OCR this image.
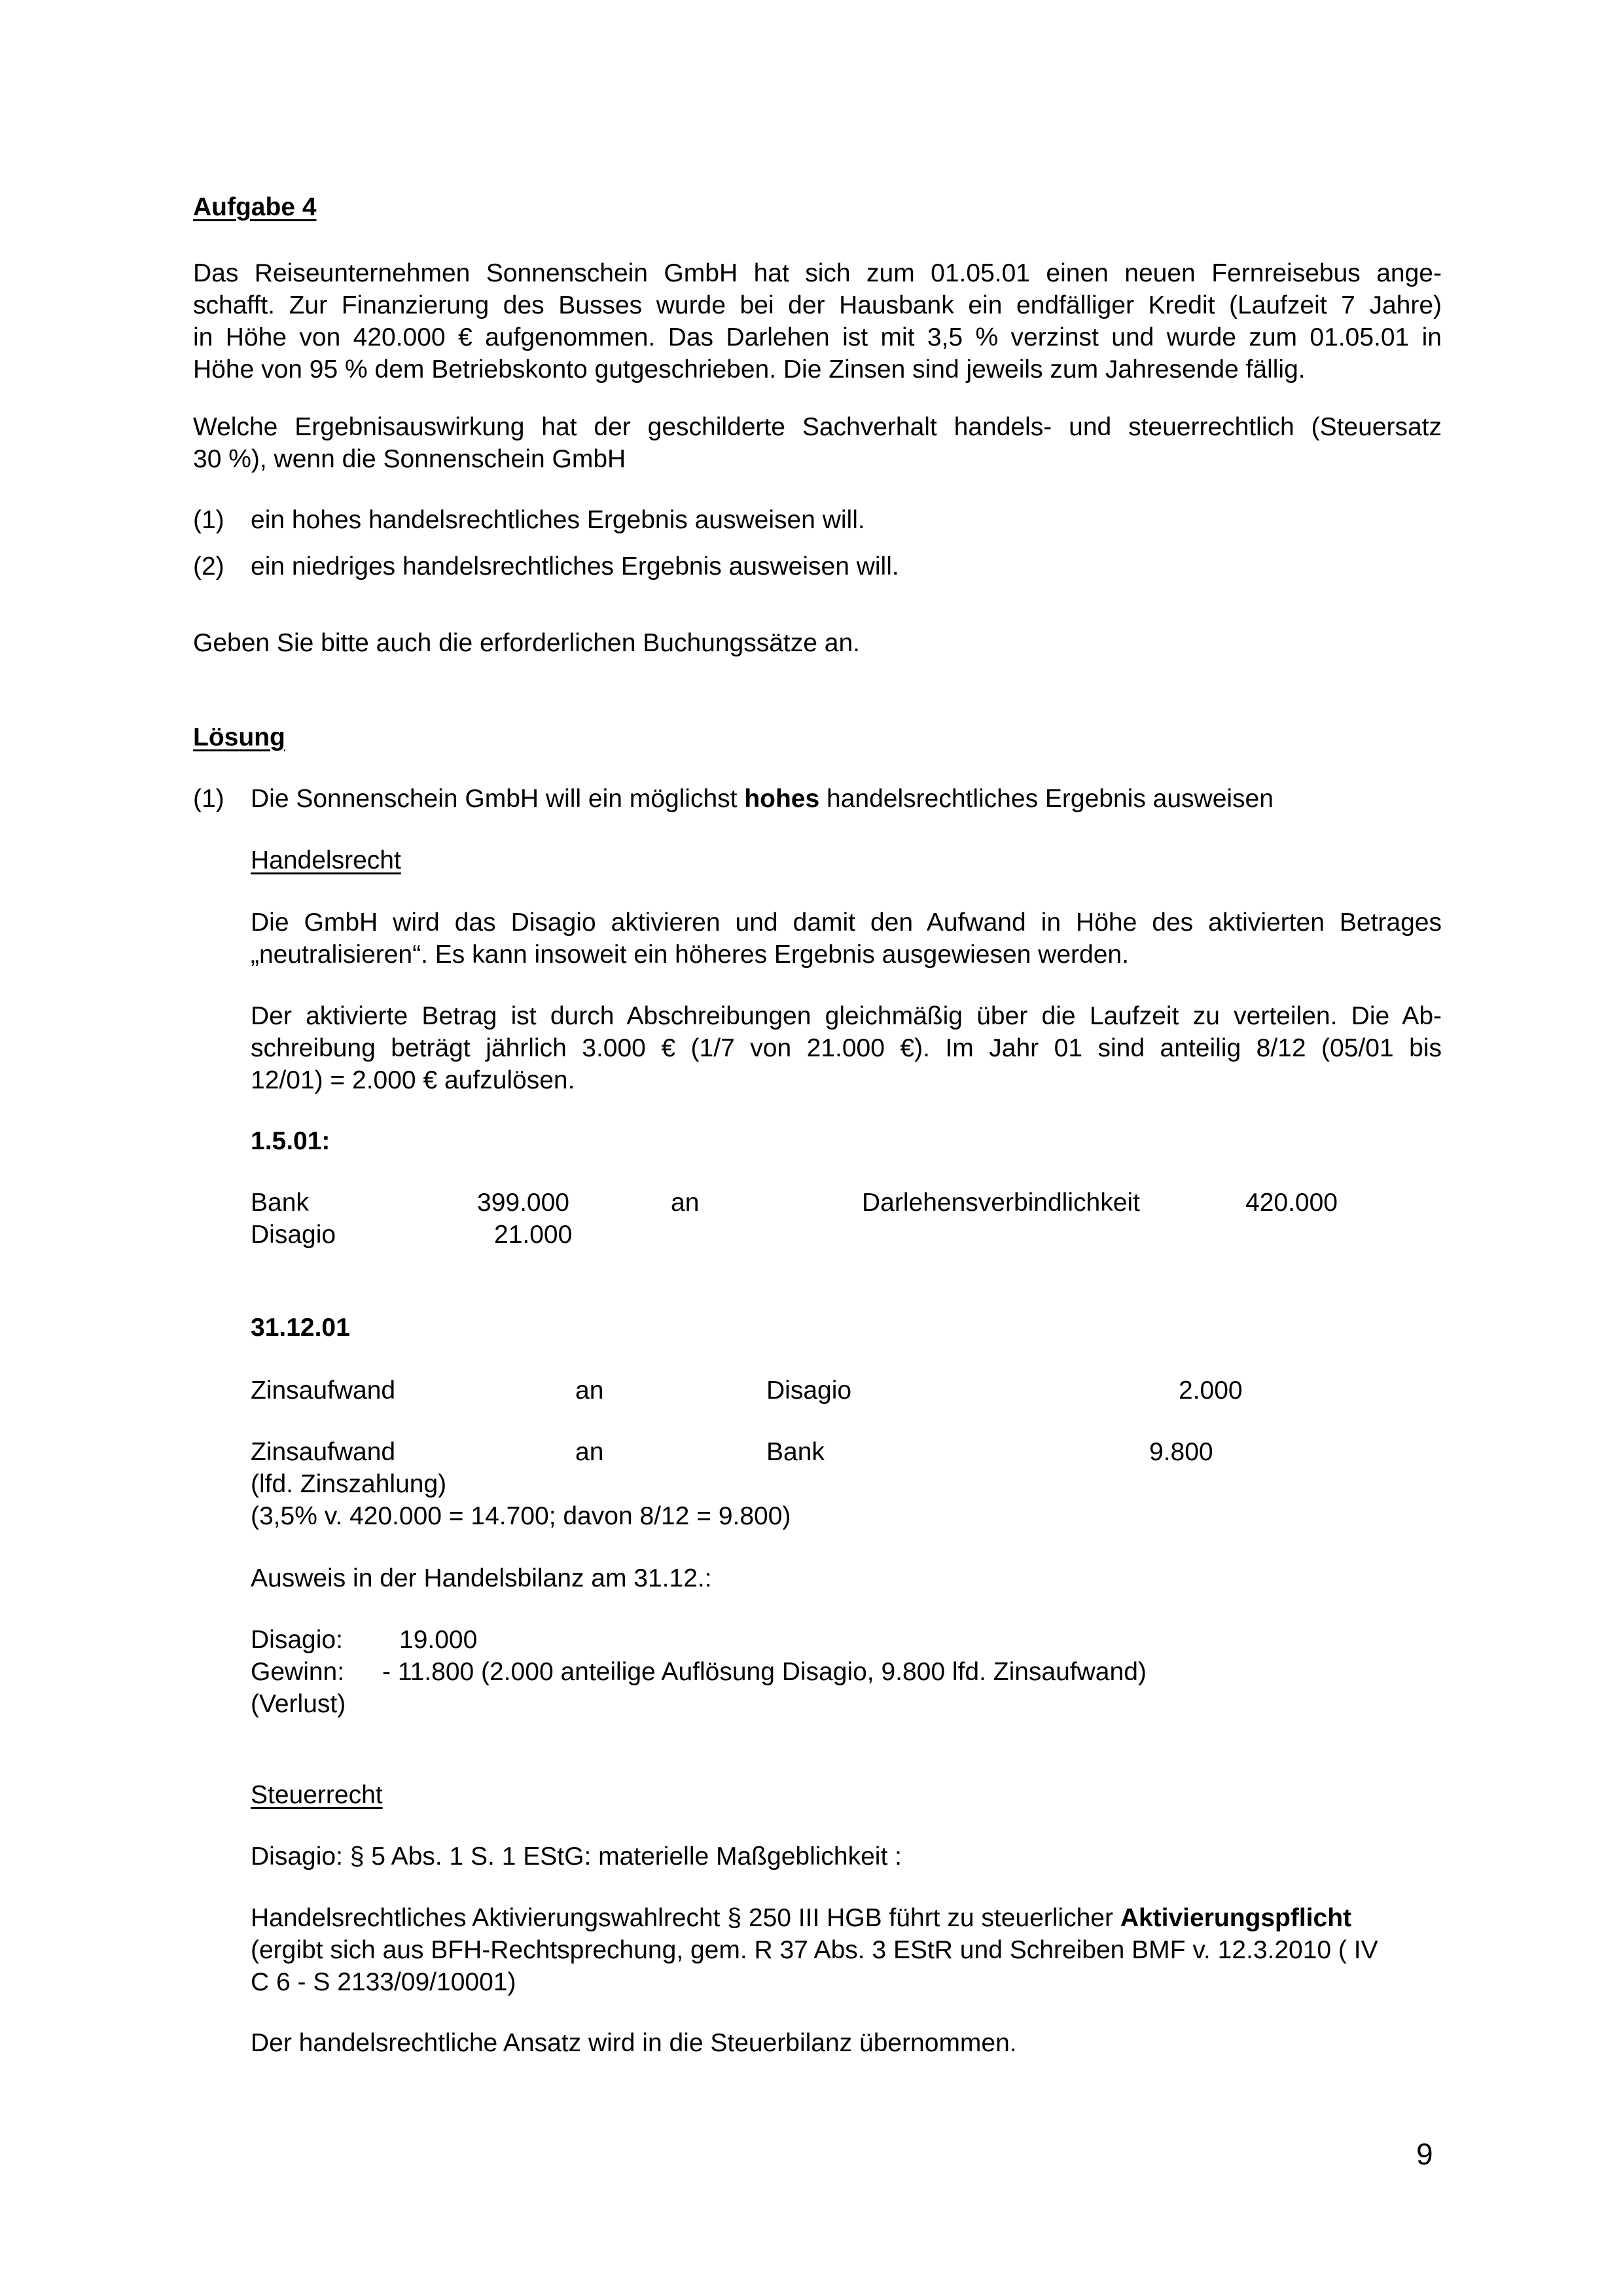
Aufgabe 4

Das Reiseunternehmen Sonnenschein GmbH hat sich zum 01.05.01 einen neuen Fernreisebus ange-
schafft. Zur Finanzierung des Busses wurde bei der Hausbank ein endfälliger Kredit (Laufzeit 7 Jahre)
in Höhe von 420.000 € aufgenommen. Das Darlehen ist mit 3,5 % verzinst und wurde zum 01.05.01 in
Höhe von 95 % dem Betriebskonto gutgeschrieben. Die Zinsen sind jeweils zum Jahresende fällig.
Welche Ergebnisauswirkung hat der geschilderte Sachverhalt handels- und steuerrechtlich (Steuersatz
30 %), wenn die Sonnenschein GmbH

(1) ein hohes handelsrechtliches Ergebnis ausweisen will.

(2) ein niedriges handelsrechtliches Ergebnis ausweisen will.

Geben Sie bitte auch die erforderlichen Buchungssätze an.

Lösung

(1) Die Sonnenschein GmbH will ein möglichst hohes handelsrechtliches Ergebnis ausweisen

Handelsrecht

Die GmbH wird das Disagio aktivieren und damit den Aufwand in Höhe des aktivierten Betrages
„neutralisieren“. Es kann insoweit ein höheres Ergebnis ausgewiesen werden.
Der aktivierte Betrag ist durch Abschreibungen gleichmäßig über die Laufzeit zu verteilen. Die Ab-
schreibung beträgt jährlich 3.000 € (1/7 von 21.000 €). Im Jahr 01 sind anteilig 8/12 (05/01 bis
12/01) = 2.000 € aufzulösen.

1.5.01:

Bank	399.000	an	Darlehensverbindlichkeit	420.000

Disagio	21.000

31.12.01

Zinsaufwand	an	Disagio	2.000

Zinsaufwand	an	Bank	9.800

(lfd. Zinszahlung)

(3,5% v. 420.000 = 14.700; davon 8/12 = 9.800)

Ausweis in der Handelsbilanz am 31.12.:

Disagio: 19.000

Gewinn: - 11.800 (2.000 anteilige Auflösung Disagio, 9.800 lfd. Zinsaufwand)

(Verlust)

Steuerrecht

Disagio: § 5 Abs. 1 S. 1 EStG: materielle Maßgeblichkeit :

Handelsrechtliches Aktivierungswahlrecht § 250 III HGB führt zu steuerlicher Aktivierungspflicht

(ergibt sich aus BFH-Rechtsprechung, gem. R 37 Abs. 3 EStR und Schreiben BMF v. 12.3.2010 ( IV

C 6 - S 2133/09/10001)

Der handelsrechtliche Ansatz wird in die Steuerbilanz übernommen.

9
